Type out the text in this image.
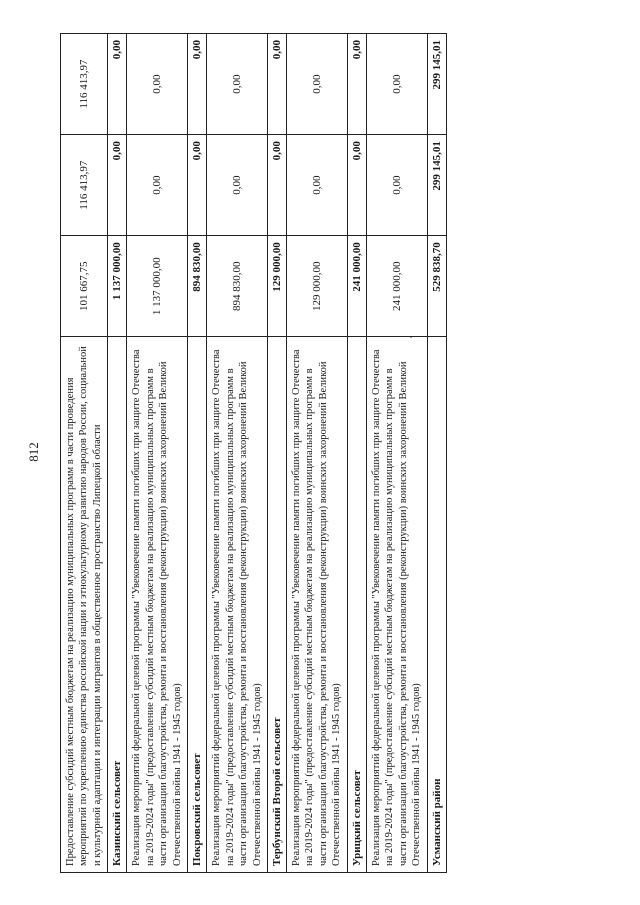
812 Предоставление субсидий местным бюджетам на реализацию муниципальных программ в части проведения мероприятий по укреплению единства российской нации и этнокультурному развитию народов России, социальной и культурной адаптации и интеграции мигрантов в общественное пространство Липецкой области	101 667,75	116 413,97	116 413,97
Казинский сельсовет	1 137 000,00	0,00	0,00
Реализация мероприятий федеральной целевой программы "Увековечение памяти погибших при защите Отечества на 2019-2024 годы" (предоставление субсидий местным бюджетам на реализацию муниципальных программ в части организации благоустройства, ремонта и восстановления (реконструкции) воинских захоронений Великой Отечественной войны 1941 - 1945 годов)	1 137 000,00	0,00	0,00
Покровский сельсовет	894 830,00	0,00	0,00
Реализация мероприятий федеральной целевой программы "Увековечение памяти погибших при защите Отечества на 2019-2024 годы" (предоставление субсидий местным бюджетам на реализацию муниципальных программ в части организации благоустройства, ремонта и восстановления (реконструкции) воинских захоронений Великой Отечественной войны 1941 - 1945 годов)	894 830,00	0,00	0,00
Тербунский Второй сельсовет	129 000,00	0,00	0,00
Реализация мероприятий федеральной целевой программы "Увековечение памяти погибших при защите Отечества на 2019-2024 годы" (предоставление субсидий местным бюджетам на реализацию муниципальных программ в части организации благоустройства, ремонта и восстановления (реконструкции) воинских захоронений Великой Отечественной войны 1941 - 1945 годов)	129 000,00	0,00	0,00
Урицкий сельсовет	241 000,00	0,00	0,00
Реализация мероприятий федеральной целевой программы "Увековечение памяти погибших при защите Отечества на 2019-2024 годы" (предоставление субсидий местным бюджетам на реализацию муниципальных программ в части организации благоустройства, ремонта и восстановления (реконструкции) воинских захоронений Великой Отечественной войны 1941 - 1945 годов)	241 000,00	0,00	0,00
Усманский район	529 838,70	299 145,01	299 145,01
